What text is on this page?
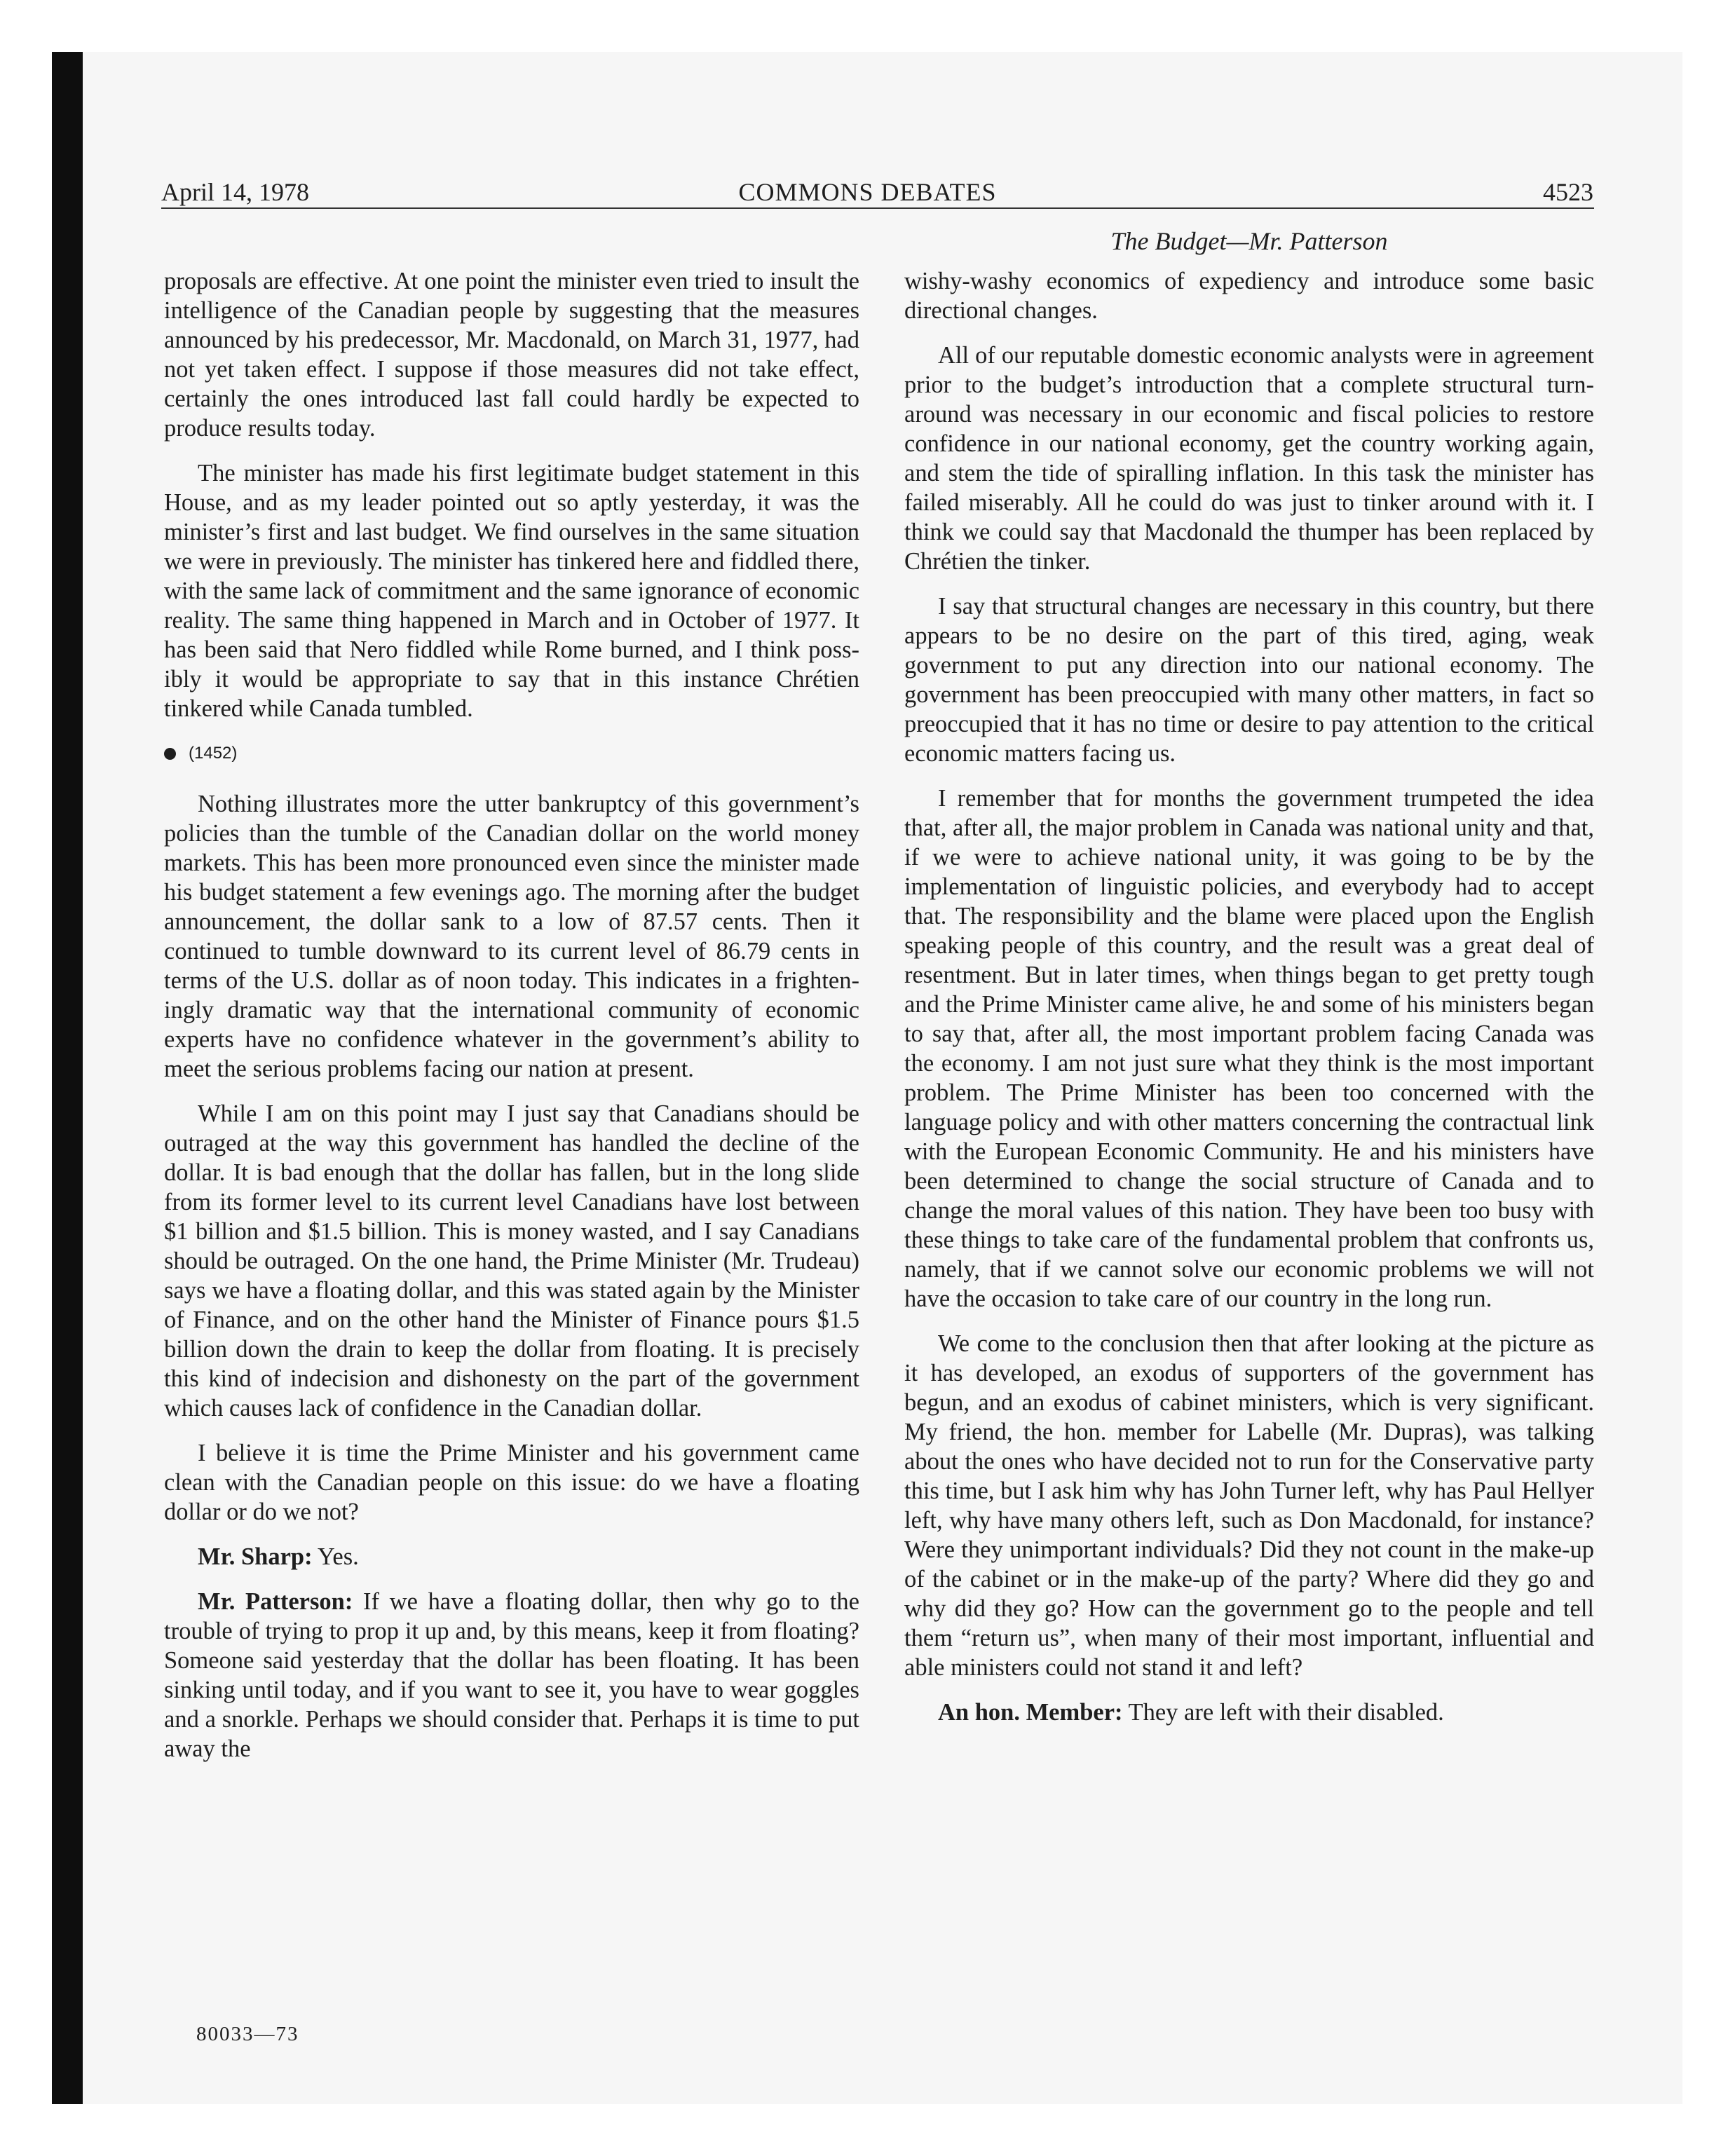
April 14, 1978	COMMONS DEBATES	4523
The Budget—Mr. Patterson

proposals are effective. At one point the minister even tried to insult the intelligence of the Canadian people by suggesting that the measures announced by his predecessor, Mr. Macdonald, on March 31, 1977, had not yet taken effect. I suppose if those measures did not take effect, certainly the ones introduced last fall could hardly be expected to produce results today.

The minister has made his first legitimate budget statement in this House, and as my leader pointed out so aptly yesterday, it was the minister’s first and last budget. We find ourselves in the same situation we were in previously. The minister has tinkered here and fiddled there, with the same lack of commitment and the same ignorance of economic reality. The same thing happened in March and in October of 1977. It has been said that Nero fiddled while Rome burned, and I think possibly it would be appropriate to say that in this instance Chrétien tinkered while Canada tumbled.

(1452)

Nothing illustrates more the utter bankruptcy of this government’s policies than the tumble of the Canadian dollar on the world money markets. This has been more pronounced even since the minister made his budget statement a few evenings ago. The morning after the budget announcement, the dollar sank to a low of 87.57 cents. Then it continued to tumble downward to its current level of 86.79 cents in terms of the U.S. dollar as of noon today. This indicates in a frighteningly dramatic way that the international community of economic experts have no confidence whatever in the government’s ability to meet the serious problems facing our nation at present.

While I am on this point may I just say that Canadians should be outraged at the way this government has handled the decline of the dollar. It is bad enough that the dollar has fallen, but in the long slide from its former level to its current level Canadians have lost between $1 billion and $1.5 billion. This is money wasted, and I say Canadians should be outraged. On the one hand, the Prime Minister (Mr. Trudeau) says we have a floating dollar, and this was stated again by the Minister of Finance, and on the other hand the Minister of Finance pours $1.5 billion down the drain to keep the dollar from floating. It is precisely this kind of indecision and dishonesty on the part of the government which causes lack of confidence in the Canadian dollar.

I believe it is time the Prime Minister and his government came clean with the Canadian people on this issue: do we have a floating dollar or do we not?

Mr. Sharp: Yes.

Mr. Patterson: If we have a floating dollar, then why go to the trouble of trying to prop it up and, by this means, keep it from floating? Someone said yesterday that the dollar has been floating. It has been sinking until today, and if you want to see it, you have to wear goggles and a snorkle. Perhaps we should consider that. Perhaps it is time to put away the

wishy-washy economics of expediency and introduce some basic directional changes.

All of our reputable domestic economic analysts were in agreement prior to the budget’s introduction that a complete structural turn-around was necessary in our economic and fiscal policies to restore confidence in our national economy, get the country working again, and stem the tide of spiralling inflation. In this task the minister has failed miserably. All he could do was just to tinker around with it. I think we could say that Macdonald the thumper has been replaced by Chrétien the tinker.

I say that structural changes are necessary in this country, but there appears to be no desire on the part of this tired, aging, weak government to put any direction into our national economy. The government has been preoccupied with many other matters, in fact so preoccupied that it has no time or desire to pay attention to the critical economic matters facing us.

I remember that for months the government trumpeted the idea that, after all, the major problem in Canada was national unity and that, if we were to achieve national unity, it was going to be by the implementation of linguistic policies, and everybody had to accept that. The responsibility and the blame were placed upon the English speaking people of this country, and the result was a great deal of resentment. But in later times, when things began to get pretty tough and the Prime Minister came alive, he and some of his ministers began to say that, after all, the most important problem facing Canada was the economy. I am not just sure what they think is the most important problem. The Prime Minister has been too concerned with the language policy and with other matters concerning the contractual link with the European Economic Community. He and his ministers have been determined to change the social structure of Canada and to change the moral values of this nation. They have been too busy with these things to take care of the fundamental problem that confronts us, namely, that if we cannot solve our economic problems we will not have the occasion to take care of our country in the long run.

We come to the conclusion then that after looking at the picture as it has developed, an exodus of supporters of the government has begun, and an exodus of cabinet ministers, which is very significant. My friend, the hon. member for Labelle (Mr. Dupras), was talking about the ones who have decided not to run for the Conservative party this time, but I ask him why has John Turner left, why has Paul Hellyer left, why have many others left, such as Don Macdonald, for instance? Were they unimportant individuals? Did they not count in the make-up of the cabinet or in the make-up of the party? Where did they go and why did they go? How can the government go to the people and tell them “return us”, when many of their most important, influential and able ministers could not stand it and left?

An hon. Member: They are left with their disabled.

80033—73
